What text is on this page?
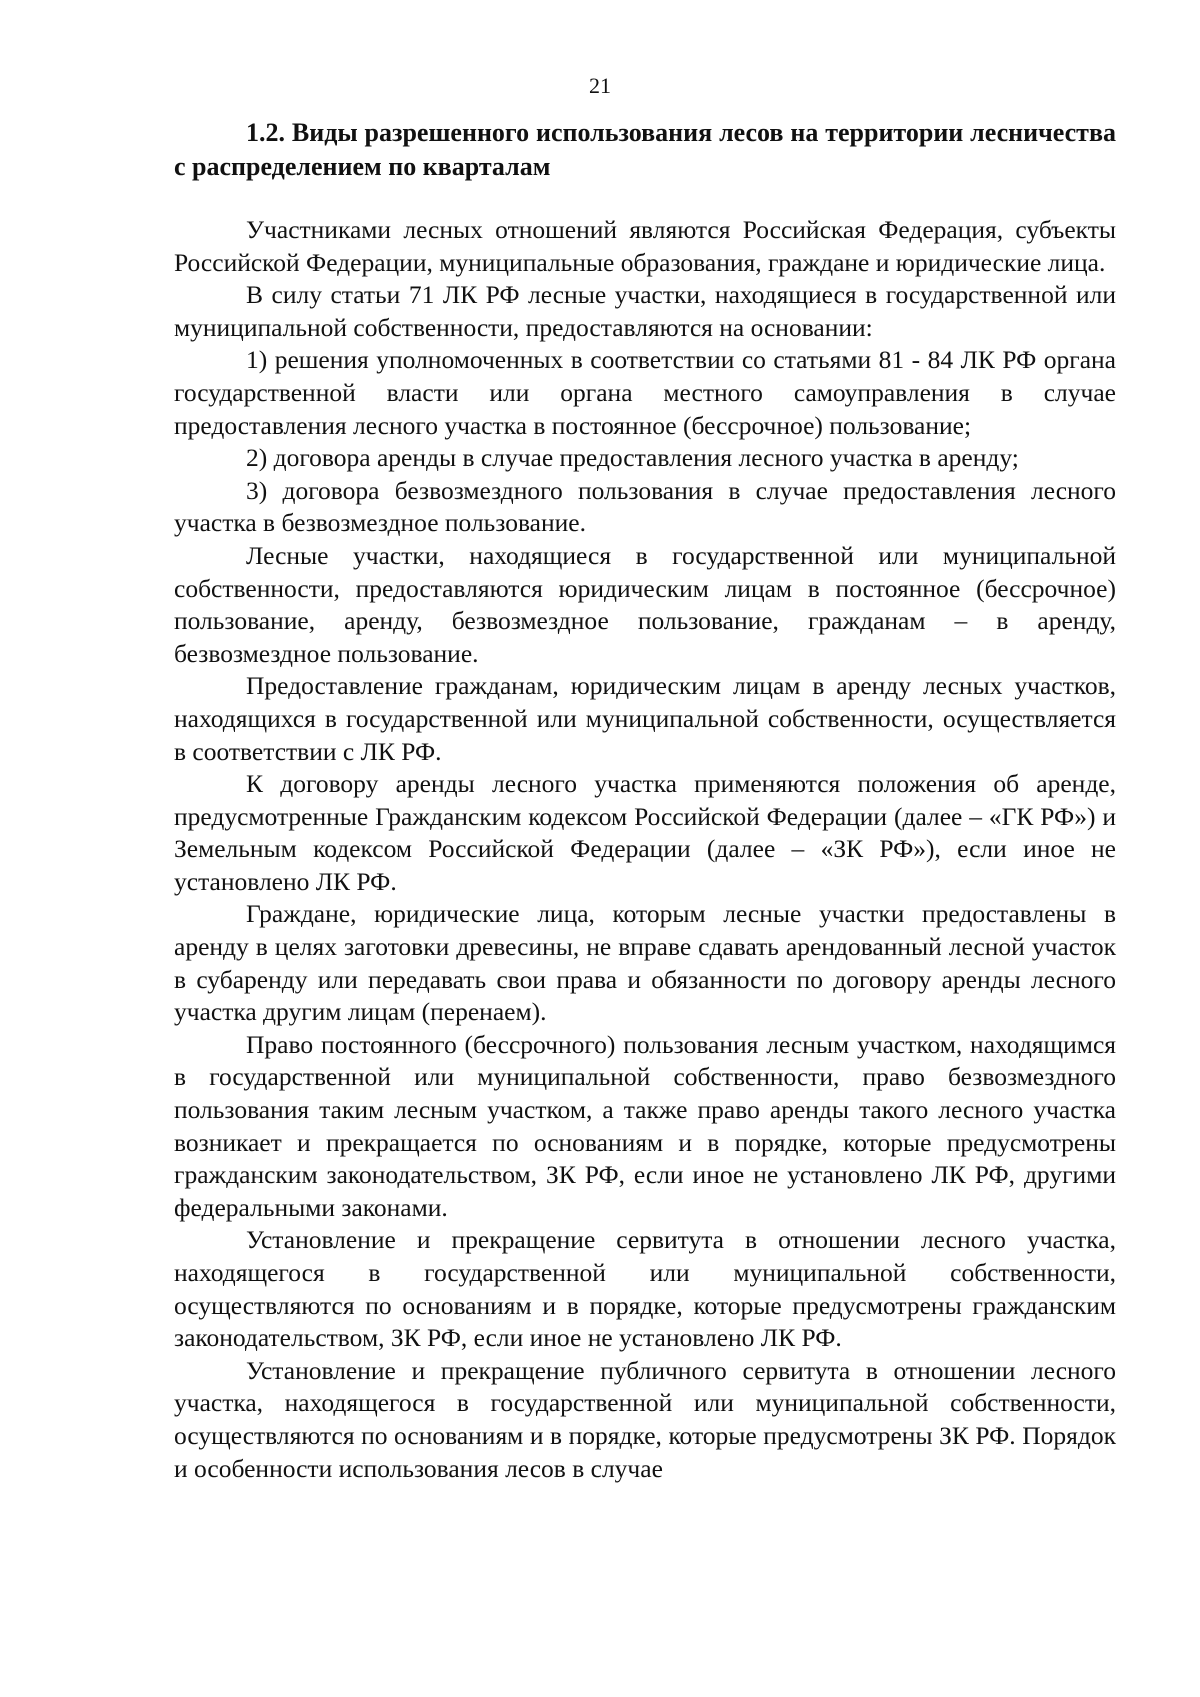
21

1.2. Виды разрешенного использования лесов на территории лесничества с распределением по кварталам

Участниками лесных отношений являются Российская Федерация, субъекты Российской Федерации, муниципальные образования, граждане и юридические лица.

В силу статьи 71 ЛК РФ лесные участки, находящиеся в государственной или муниципальной собственности, предоставляются на основании:

1) решения уполномоченных в соответствии со статьями 81 - 84 ЛК РФ органа государственной власти или органа местного самоуправления в случае предоставления лесного участка в постоянное (бессрочное) пользование;

2) договора аренды в случае предоставления лесного участка в аренду;

3) договора безвозмездного пользования в случае предоставления лесного участка в безвозмездное пользование.

Лесные участки, находящиеся в государственной или муниципальной собственности, предоставляются юридическим лицам в постоянное (бессрочное) пользование, аренду, безвозмездное пользование, гражданам – в аренду, безвозмездное пользование.

Предоставление гражданам, юридическим лицам в аренду лесных участков, находящихся в государственной или муниципальной собственности, осуществляется в соответствии с ЛК РФ.

К договору аренды лесного участка применяются положения об аренде, предусмотренные Гражданским кодексом Российской Федерации (далее – «ГК РФ») и Земельным кодексом Российской Федерации (далее – «ЗК РФ»), если иное не установлено ЛК РФ.

Граждане, юридические лица, которым лесные участки предоставлены в аренду в целях заготовки древесины, не вправе сдавать арендованный лесной участок в субаренду или передавать свои права и обязанности по договору аренды лесного участка другим лицам (перенаем).

Право постоянного (бессрочного) пользования лесным участком, находящимся в государственной или муниципальной собственности, право безвозмездного пользования таким лесным участком, а также право аренды такого лесного участка возникает и прекращается по основаниям и в порядке, которые предусмотрены гражданским законодательством, ЗК РФ, если иное не установлено ЛК РФ, другими федеральными законами.

Установление и прекращение сервитута в отношении лесного участка, находящегося в государственной или муниципальной собственности, осуществляются по основаниям и в порядке, которые предусмотрены гражданским законодательством, ЗК РФ, если иное не установлено ЛК РФ.

Установление и прекращение публичного сервитута в отношении лесного участка, находящегося в государственной или муниципальной собственности, осуществляются по основаниям и в порядке, которые предусмотрены ЗК РФ. Порядок и особенности использования лесов в случае
